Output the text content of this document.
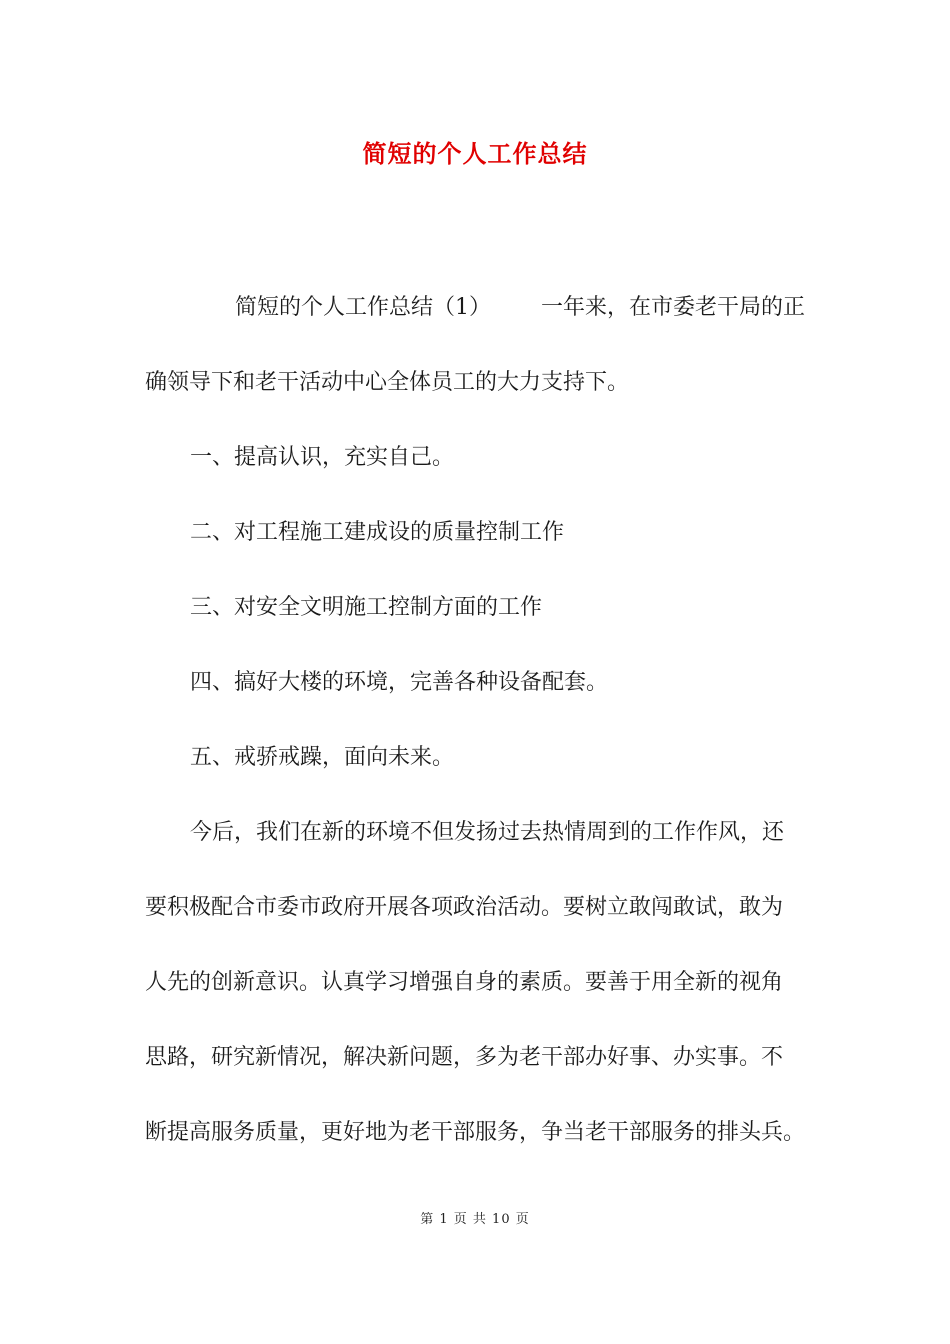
简短的个人工作总结

简短的个人工作总结（1） 一年来，在市委老干局的正
确领导下和老干活动中心全体员工的大力支持下。

一、提高认识，充实自己。

二、对工程施工建成设的质量控制工作

三、对安全文明施工控制方面的工作

四、搞好大楼的环境，完善各种设备配套。

五、戒骄戒躁，面向未来。

今后，我们在新的环境不但发扬过去热情周到的工作作风，还
要积极配合市委市政府开展各项政治活动。要树立敢闯敢试，敢为
人先的创新意识。认真学习增强自身的素质。要善于用全新的视角
思路，研究新情况，解决新问题，多为老干部办好事、办实事。不
断提高服务质量，更好地为老干部服务，争当老干部服务的排头兵。

第 1 页 共 10 页
